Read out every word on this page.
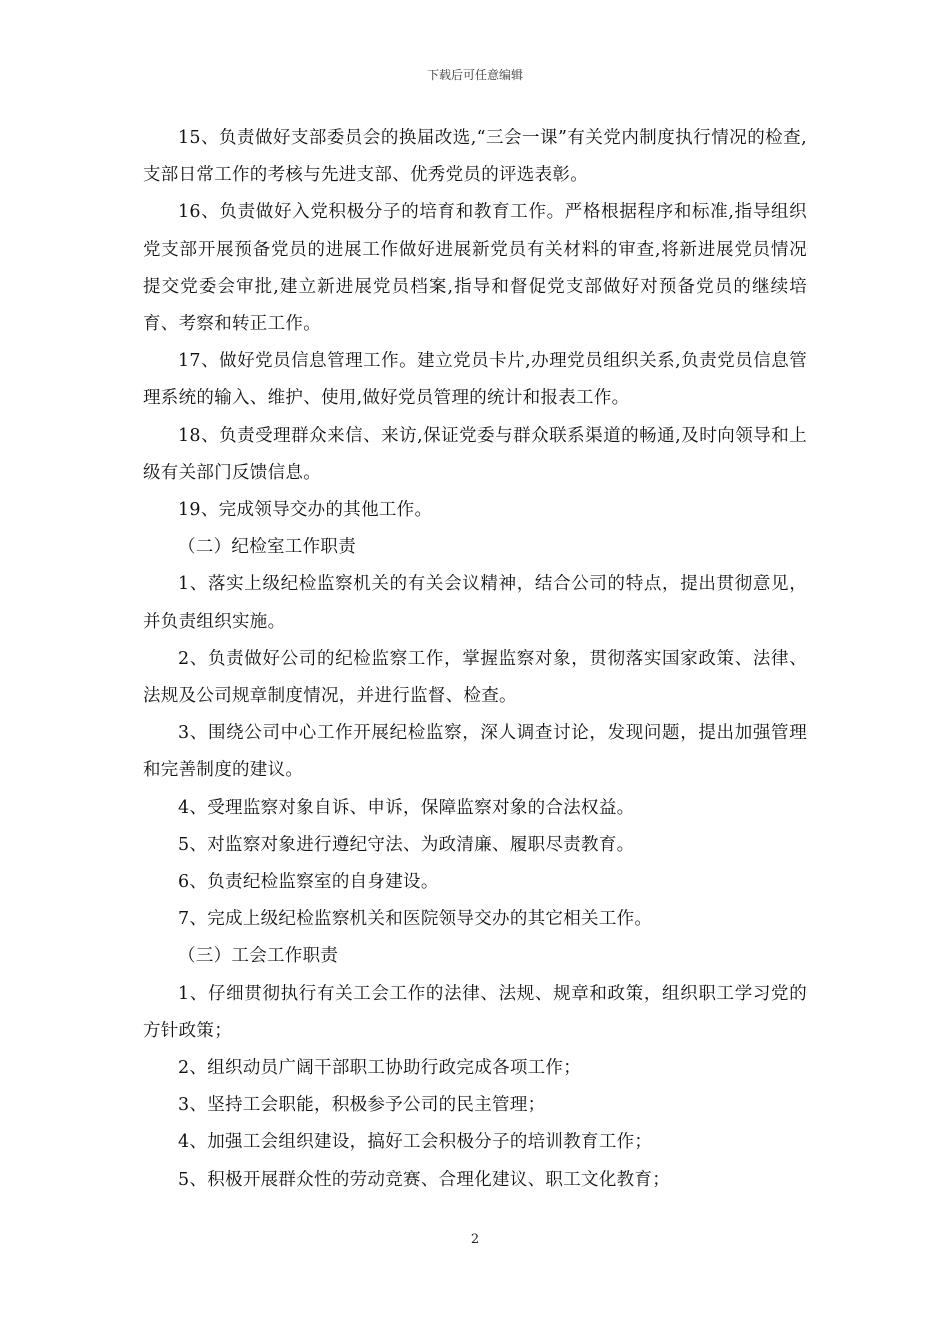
下载后可任意编辑

15、负责做好支部委员会的换届改选,“三会一课”有关党内制度执行情况的检查,支部日常工作的考核与先进支部、优秀党员的评选表彰。

16、负责做好入党积极分子的培育和教育工作。严格根据程序和标准,指导组织党支部开展预备党员的进展工作做好进展新党员有关材料的审查,将新进展党员情况提交党委会审批,建立新进展党员档案,指导和督促党支部做好对预备党员的继续培育、考察和转正工作。

17、做好党员信息管理工作。建立党员卡片,办理党员组织关系,负责党员信息管理系统的输入、维护、使用,做好党员管理的统计和报表工作。

18、负责受理群众来信、来访,保证党委与群众联系渠道的畅通,及时向领导和上级有关部门反馈信息。

19、完成领导交办的其他工作。

（二）纪检室工作职责

1、落实上级纪检监察机关的有关会议精神，结合公司的特点，提出贯彻意见，并负责组织实施。

2、负责做好公司的纪检监察工作，掌握监察对象，贯彻落实国家政策、法律、法规及公司规章制度情况，并进行监督、检查。

3、围绕公司中心工作开展纪检监察，深人调查讨论，发现问题，提出加强管理和完善制度的建议。

4、受理监察对象自诉、申诉，保障监察对象的合法权益。

5、对监察对象进行遵纪守法、为政清廉、履职尽责教育。

6、负责纪检监察室的自身建设。

7、完成上级纪检监察机关和医院领导交办的其它相关工作。

（三）工会工作职责

1、仔细贯彻执行有关工会工作的法律、法规、规章和政策，组织职工学习党的方针政策；

2、组织动员广阔干部职工协助行政完成各项工作；

3、坚持工会职能，积极参予公司的民主管理；

4、加强工会组织建设，搞好工会积极分子的培训教育工作；

5、积极开展群众性的劳动竞赛、合理化建议、职工文化教育；

2
